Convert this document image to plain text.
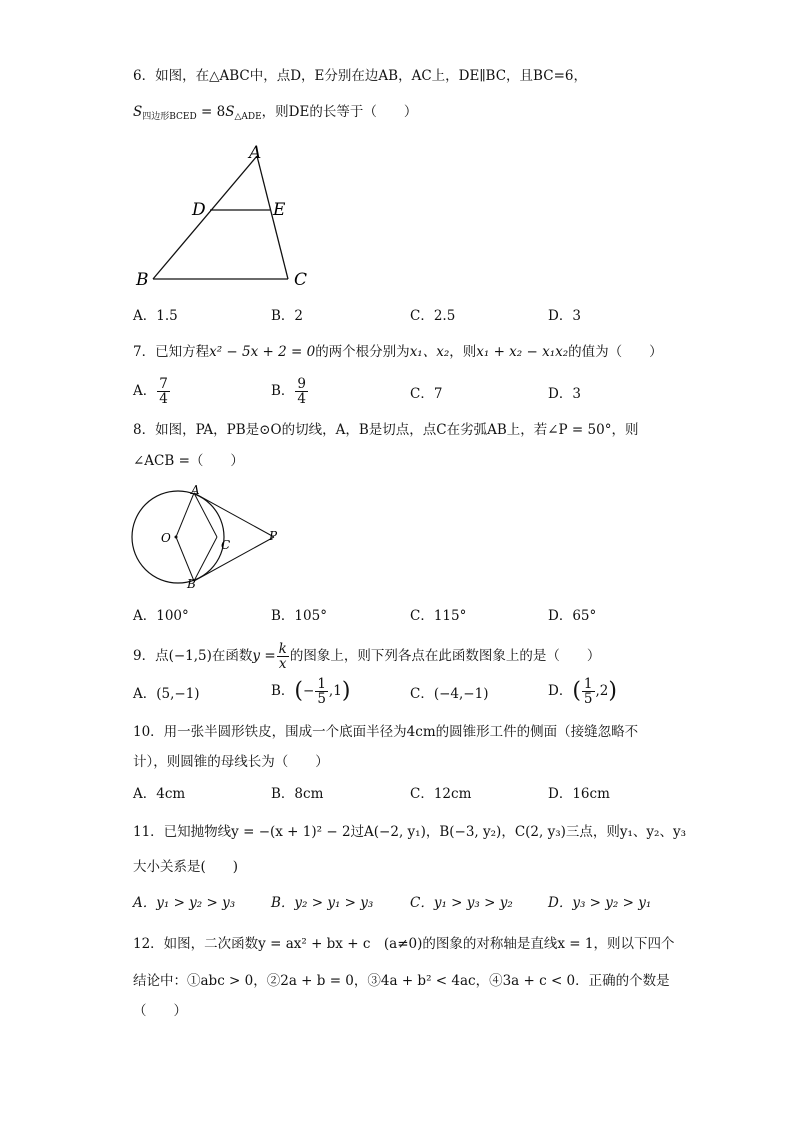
6．如图，在△ABC中，点D，E分别在边AB，AC上，DE∥BC，且BC=6，
$S_{四边形BCED} = 8S_{\triangle ADE}$，则DE的长等于（　　）
A
D	E
B	C
A．1.5	B．2	C．2.5	D．3
7．已知方程x² − 5x + 2 = 0的两个根分别为x₁、x₂，则x₁ + x₂ − x₁x₂的值为（　　）
A． $\frac{7}{4}$	B． $\frac{9}{4}$	C．7	D．3
8．如图，PA，PB是⊙O的切线，A，B是切点，点C在劣弧AB上，若∠P = 50°，则
∠ACB =（　　）
A
O	C
P
B
A．100°	B．105°	C．115°	D．65°
9．点(−1,5)在函数$y = \frac{k}{x}$ 的图象上，则下列各点在此函数图象上的是（　　）
A．(5,−1)	B．(− $\frac{1}{5} ,1$)	C．(−4,−1)	D．( $\frac{1}{5} ,2$)
10．用一张半圆形铁皮，围成一个底面半径为4cm的圆锥形工件的侧面（接缝忽略不
计），则圆锥的母线长为（　　）
A．4cm	B．8cm	C．12cm	D．16cm
11．已知抛物线y = −(x + 1)² − 2过A(−2, y₁)，B(−3, y₂)，C(2, y₃)三点，则y₁、y₂、y₃
大小关系是(　　)
A．y₁ > y₂ > y₃	B．y₂ > y₁ > y₃	C．y₁ > y₃ > y₂	D．y₃ > y₂ > y₁
12．如图，二次函数y = ax² + bx + c　(a≠0)的图象的对称轴是直线x = 1，则以下四个
结论中：①abc > 0，②2a + b = 0，③4a + b² < 4ac，④3a + c < 0．正确的个数是
（　　）
